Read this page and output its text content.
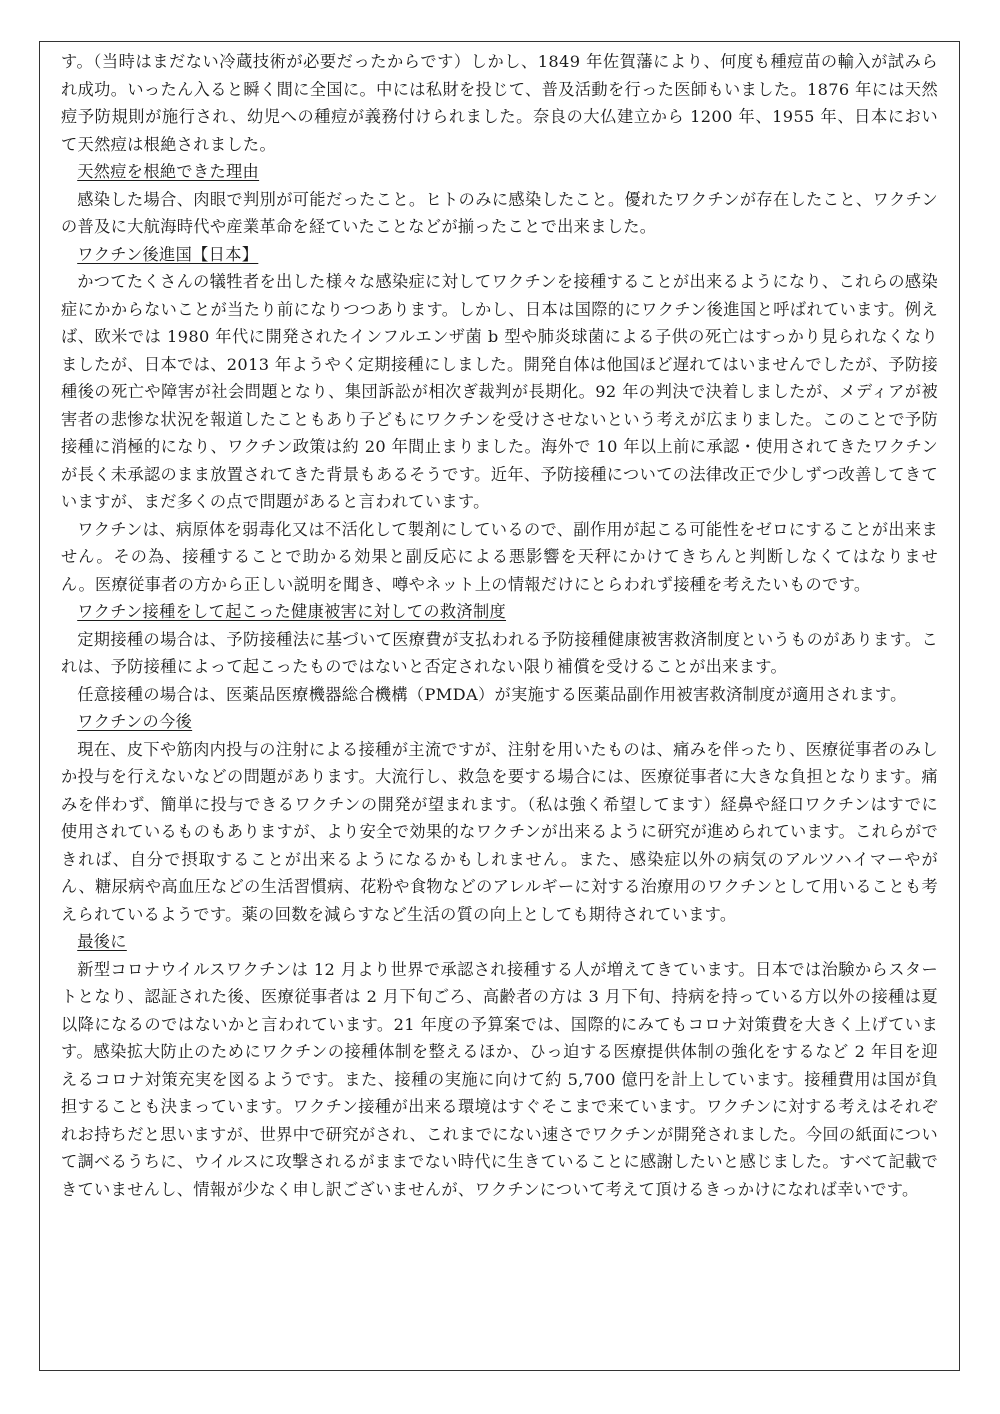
す。（当時はまだない冷蔵技術が必要だったからです）しかし、1849 年佐賀藩により、何度も種痘苗の輸入が試みられ成功。いったん入ると瞬く間に全国に。中には私財を投じて、普及活動を行った医師もいました。1876 年には天然痘予防規則が施行され、幼児への種痘が義務付けられました。奈良の大仏建立から 1200 年、1955 年、日本において天然痘は根絶されました。

天然痘を根絶できた理由

感染した場合、肉眼で判別が可能だったこと。ヒトのみに感染したこと。優れたワクチンが存在したこと、ワクチンの普及に大航海時代や産業革命を経ていたことなどが揃ったことで出来ました。

ワクチン後進国【日本】

かつてたくさんの犠牲者を出した様々な感染症に対してワクチンを接種することが出来るようになり、これらの感染症にかからないことが当たり前になりつつあります。しかし、日本は国際的にワクチン後進国と呼ばれています。例えば、欧米では 1980 年代に開発されたインフルエンザ菌 b 型や肺炎球菌による子供の死亡はすっかり見られなくなりましたが、日本では、2013 年ようやく定期接種にしました。開発自体は他国ほど遅れてはいませんでしたが、予防接種後の死亡や障害が社会問題となり、集団訴訟が相次ぎ裁判が長期化。92 年の判決で決着しましたが、メディアが被害者の悲惨な状況を報道したこともあり子どもにワクチンを受けさせないという考えが広まりました。このことで予防接種に消極的になり、ワクチン政策は約 20 年間止まりました。海外で 10 年以上前に承認・使用されてきたワクチンが長く未承認のまま放置されてきた背景もあるそうです。近年、予防接種についての法律改正で少しずつ改善してきていますが、まだ多くの点で問題があると言われています。

ワクチンは、病原体を弱毒化又は不活化して製剤にしているので、副作用が起こる可能性をゼロにすることが出来ません。その為、接種することで助かる効果と副反応による悪影響を天秤にかけてきちんと判断しなくてはなりません。医療従事者の方から正しい説明を聞き、噂やネット上の情報だけにとらわれず接種を考えたいものです。

ワクチン接種をして起こった健康被害に対しての救済制度

定期接種の場合は、予防接種法に基づいて医療費が支払われる予防接種健康被害救済制度というものがあります。これは、予防接種によって起こったものではないと否定されない限り補償を受けることが出来ます。

任意接種の場合は、医薬品医療機器総合機構（PMDA）が実施する医薬品副作用被害救済制度が適用されます。

ワクチンの今後

現在、皮下や筋肉内投与の注射による接種が主流ですが、注射を用いたものは、痛みを伴ったり、医療従事者のみしか投与を行えないなどの問題があります。大流行し、救急を要する場合には、医療従事者に大きな負担となります。痛みを伴わず、簡単に投与できるワクチンの開発が望まれます。（私は強く希望してます）経鼻や経口ワクチンはすでに使用されているものもありますが、より安全で効果的なワクチンが出来るように研究が進められています。これらができれば、自分で摂取することが出来るようになるかもしれません。また、感染症以外の病気のアルツハイマーやがん、糖尿病や高血圧などの生活習慣病、花粉や食物などのアレルギーに対する治療用のワクチンとして用いることも考えられているようです。薬の回数を減らすなど生活の質の向上としても期待されています。

最後に

新型コロナウイルスワクチンは 12 月より世界で承認され接種する人が増えてきています。日本では治験からスタートとなり、認証された後、医療従事者は 2 月下旬ごろ、高齢者の方は 3 月下旬、持病を持っている方以外の接種は夏以降になるのではないかと言われています。21 年度の予算案では、国際的にみてもコロナ対策費を大きく上げています。感染拡大防止のためにワクチンの接種体制を整えるほか、ひっ迫する医療提供体制の強化をするなど 2 年目を迎えるコロナ対策充実を図るようです。また、接種の実施に向けて約 5,700 億円を計上しています。接種費用は国が負担することも決まっています。ワクチン接種が出来る環境はすぐそこまで来ています。ワクチンに対する考えはそれぞれお持ちだと思いますが、世界中で研究がされ、これまでにない速さでワクチンが開発されました。今回の紙面について調べるうちに、ウイルスに攻撃されるがままでない時代に生きていることに感謝したいと感じました。すべて記載できていませんし、情報が少なく申し訳ございませんが、ワクチンについて考えて頂けるきっかけになれば幸いです。
